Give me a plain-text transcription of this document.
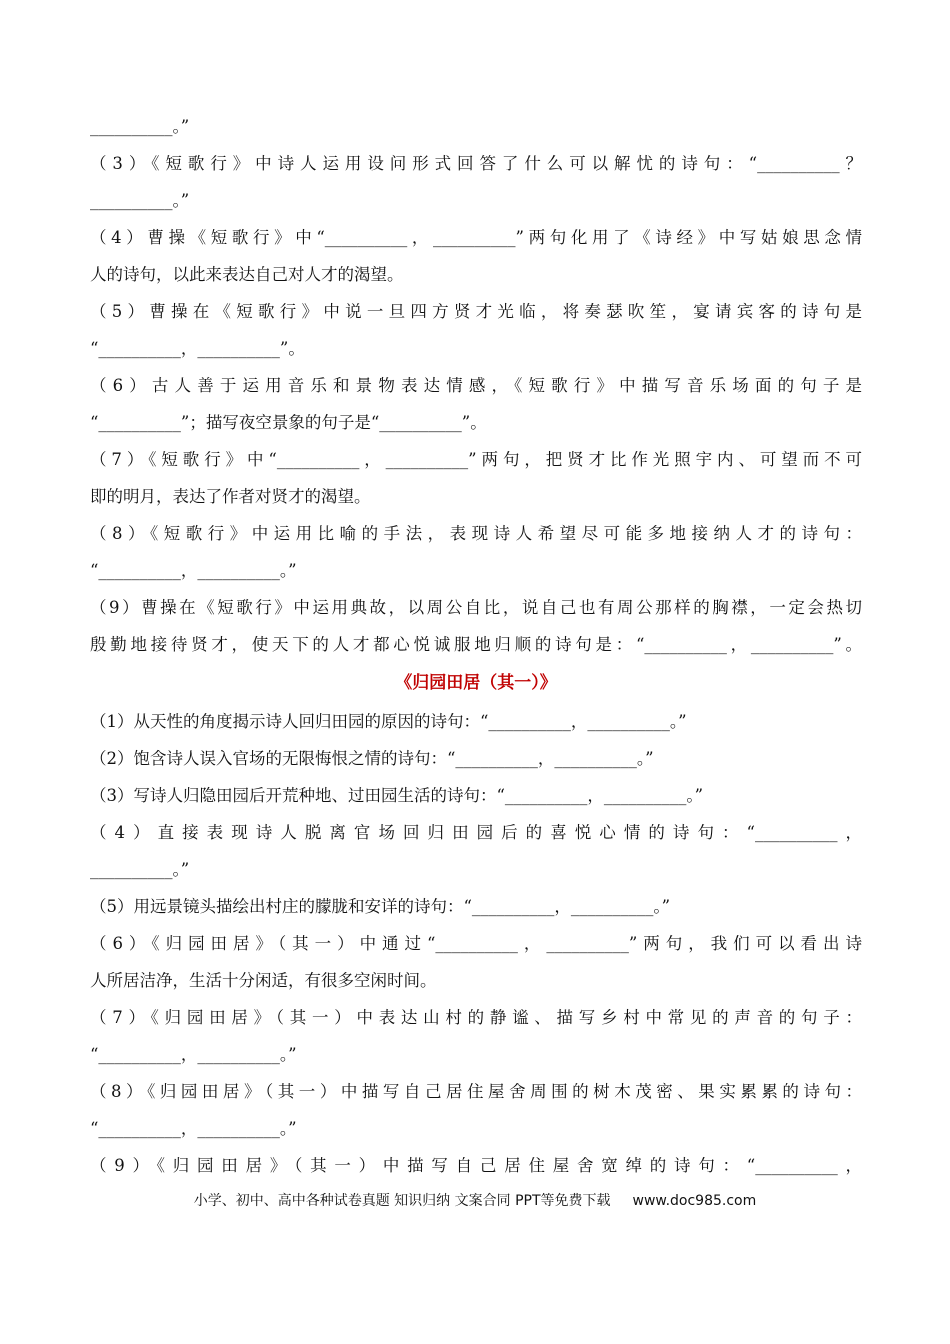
__________。”
（3）《短歌行》中诗人运用设问形式回答了什么可以解忧的诗句：“__________？
__________。”
（4）曹操《短歌行》中“__________，__________”两句化用了《诗经》中写姑娘思念情
人的诗句，以此来表达自己对人才的渴望。
（5）曹操在《短歌行》中说一旦四方贤才光临，将奏瑟吹笙，宴请宾客的诗句是
“__________，__________”。
（6）古人善于运用音乐和景物表达情感，《短歌行》中描写音乐场面的句子是
“__________”；描写夜空景象的句子是“__________”。
（7）《短歌行》中“__________，__________”两句，把贤才比作光照宇内、可望而不可
即的明月，表达了作者对贤才的渴望。
（8）《短歌行》中运用比喻的手法，表现诗人希望尽可能多地接纳人才的诗句：
“__________，__________。”
（9）曹操在《短歌行》中运用典故，以周公自比，说自己也有周公那样的胸襟，一定会热切
殷勤地接待贤才，使天下的人才都心悦诚服地归顺的诗句是：“__________，__________”。
《归园田居（其一）》
（1）从天性的角度揭示诗人回归田园的原因的诗句：“__________，__________。”
（2）饱含诗人误入官场的无限悔恨之情的诗句：“__________，__________。”
（3）写诗人归隐田园后开荒种地、过田园生活的诗句：“__________，__________。”
（4）直接表现诗人脱离官场回归田园后的喜悦心情的诗句：“__________，
__________。”
（5）用远景镜头描绘出村庄的朦胧和安详的诗句：“__________，__________。”
（6）《归园田居》（其一）中通过“__________，__________”两句，我们可以看出诗
人所居洁净，生活十分闲适，有很多空闲时间。
（7）《归园田居》（其一）中表达山村的静谧、描写乡村中常见的声音的句子：
“__________，__________。”
（8）《归园田居》（其一）中描写自己居住屋舍周围的树木茂密、果实累累的诗句：
“__________，__________。”
（9）《归园田居》（其一）中描写自己居住屋舍宽绰的诗句：“__________，
小学、初中、高中各种试卷真题 知识归纳 文案合同 PPT等免费下载 www.doc985.com
